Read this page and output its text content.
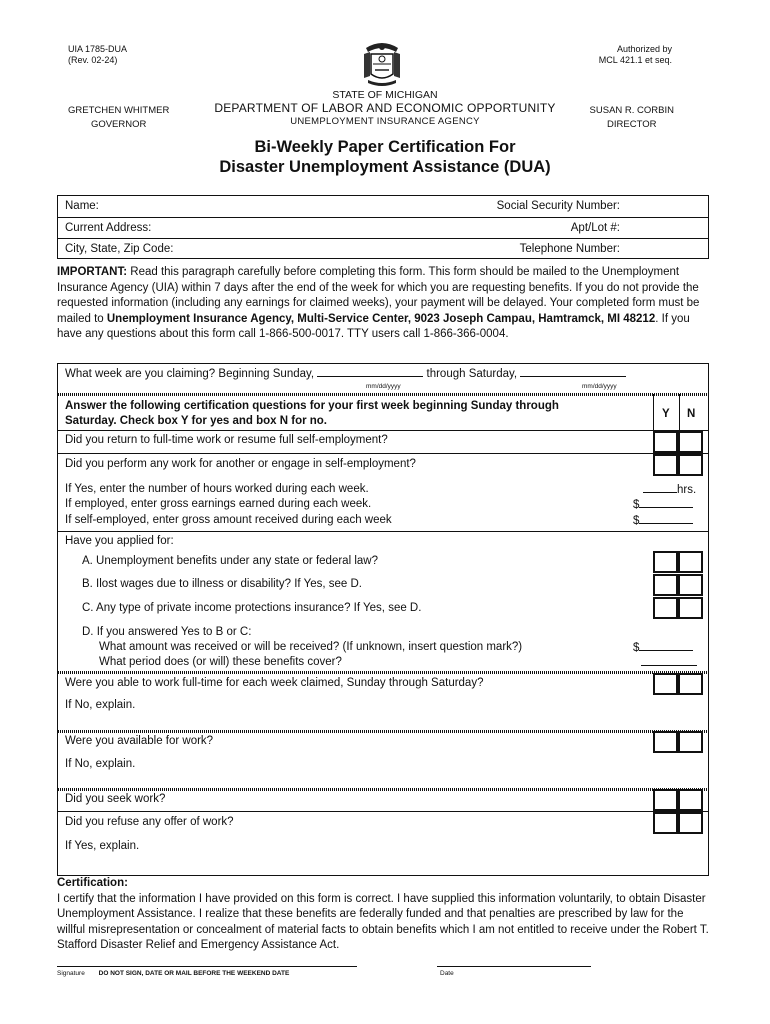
UIA 1785-DUA
(Rev. 02-24)
Authorized by
MCL 421.1 et seq.
STATE OF MICHIGAN
DEPARTMENT OF LABOR AND ECONOMIC OPPORTUNITY
UNEMPLOYMENT INSURANCE AGENCY
GRETCHEN WHITMER
GOVERNOR
SUSAN R. CORBIN
DIRECTOR
Bi-Weekly Paper Certification For
Disaster Unemployment Assistance (DUA)
Name:	Social Security Number:
Current Address:	Apt/Lot #:
City, State, Zip Code:	Telephone Number:
IMPORTANT: Read this paragraph carefully before completing this form. This form should be mailed to the Unemployment Insurance Agency (UIA) within 7 days after the end of the week for which you are requesting benefits. If you do not provide the requested information (including any earnings for claimed weeks), your payment will be delayed. Your completed form must be mailed to Unemployment Insurance Agency, Multi-Service Center, 9023 Joseph Campau, Hamtramck, MI 48212. If you have any questions about this form call 1-866-500-0017. TTY users call 1-866-366-0004.
What week are you claiming? Beginning Sunday,	through Saturday,
mm/dd/yyyy	mm/dd/yyyy
Answer the following certification questions for your first week beginning Sunday through
Saturday. Check box Y for yes and box N for no.
Y N
Did you return to full-time work or resume full self-employment?
Did you perform any work for another or engage in self-employment?
If Yes, enter the number of hours worked during each week.	hrs.
If employed, enter gross earnings earned during each week.	$
If self-employed, enter gross amount received during each week	$
Have you applied for:
A. Unemployment benefits under any state or federal law?
B. Ilost wages due to illness or disability? If Yes, see D.
C. Any type of private income protections insurance? If Yes, see D.
D. If you answered Yes to B or C:
What amount was received or will be received? (If unknown, insert question mark?)	$
What period does (or will) these benefits cover?
Were you able to work full-time for each week claimed, Sunday through Saturday?
If No, explain.
Were you available for work?
If No, explain.
Did you seek work?
Did you refuse any offer of work?
If Yes, explain.
Certification:
I certify that the information I have provided on this form is correct. I have supplied this information voluntarily, to obtain Disaster Unemployment Assistance. I realize that these benefits are federally funded and that penalties are prescribed by law for the willful misrepresentation or concealment of material facts to obtain benefits which I am not entitled to receive under the Robert T. Stafford Disaster Relief and Emergency Assistance Act.
Signature DO NOT SIGN, DATE OR MAIL BEFORE THE WEEKEND DATE	Date
